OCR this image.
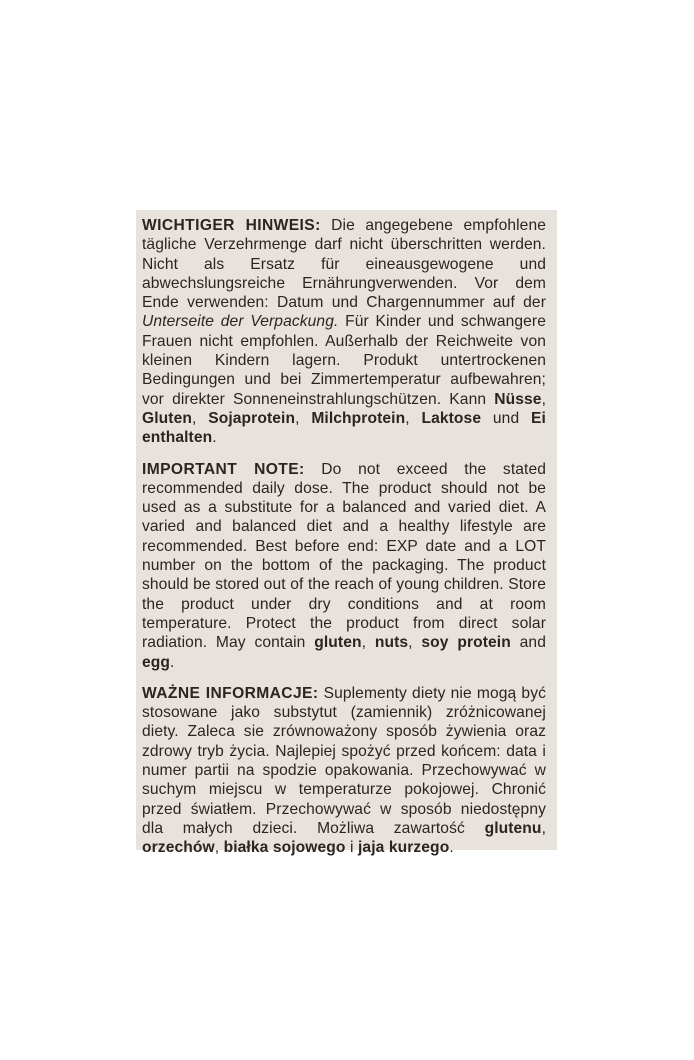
WICHTIGER HINWEIS: Die angegebene empfohlene tägliche Verzehrmenge darf nicht überschritten werden. Nicht als Ersatz für eineausgewogene und abwechslungsreiche Ernährungverwenden. Vor dem Ende verwenden: Datum und Chargennummer auf der Unterseite der Verpackung. Für Kinder und schwangere Frauen nicht empfohlen. Außerhalb der Reichweite von kleinen Kindern lagern. Produkt untertrockenen Bedingungen und bei Zimmertemperatur aufbewahren; vor direkter Sonneneinstrahlungschützen. Kann Nüsse, Gluten, Sojaprotein, Milchprotein, Laktose und Ei enthalten.

IMPORTANT NOTE: Do not exceed the stated recommended daily dose. The product should not be used as a substitute for a balanced and varied diet. A varied and balanced diet and a healthy lifestyle are recommended. Best before end: EXP date and a LOT number on the bottom of the packaging. The product should be stored out of the reach of young children. Store the product under dry conditions and at room temperature. Protect the product from direct solar radiation. May contain gluten, nuts, soy protein and egg.

WAŻNE INFORMACJE: Suplementy diety nie mogą być stosowane jako substytut (zamiennik) zróżnicowanej diety. Zaleca sie zrównoważony sposób żywienia oraz zdrowy tryb życia. Najlepiej spożyć przed końcem: data i numer partii na spodzie opakowania. Przechowywać w suchym miejscu w temperaturze pokojowej. Chronić przed światłem. Przechowywać w sposób niedostępny dla małych dzieci. Możliwa zawartość glutenu, orzechów, białka sojowego i jaja kurzego.
